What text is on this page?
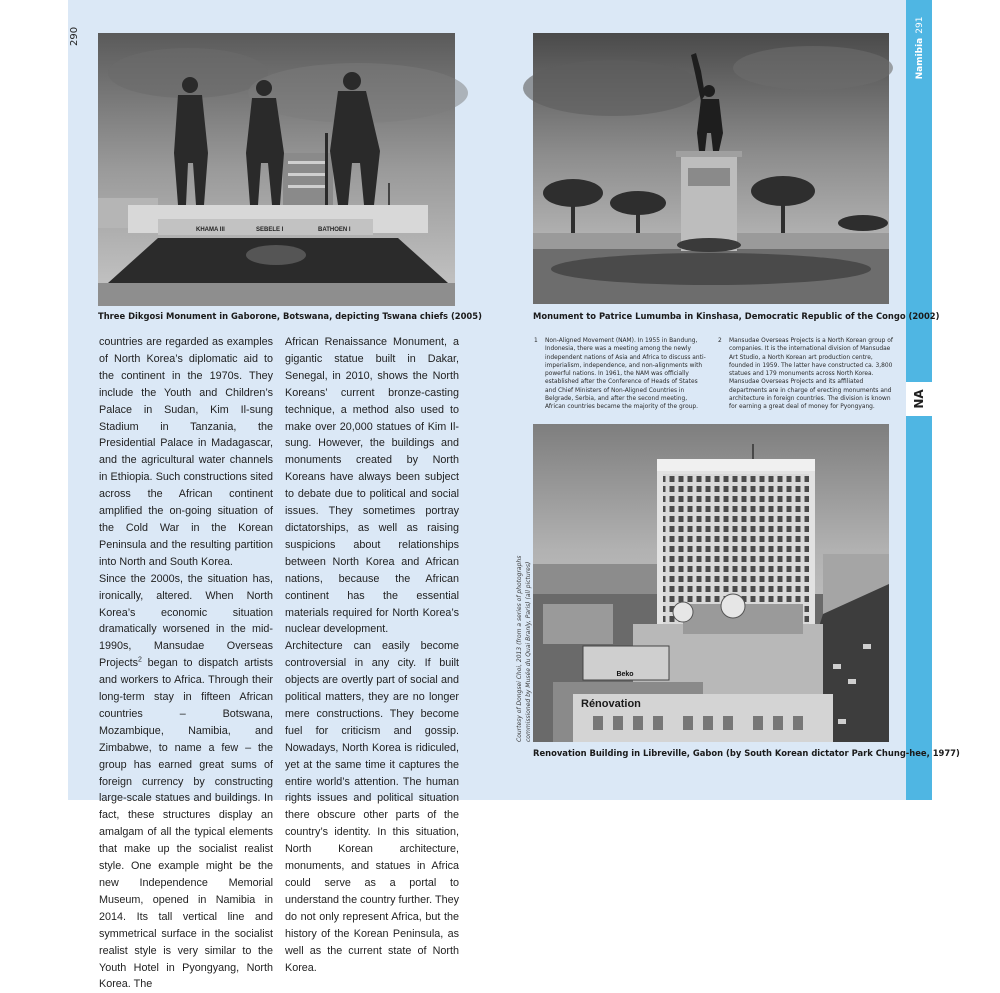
NA
290
Namibia291
KHAMA III	SEBELE I	BATHOEN I
Three Dikgosi Monument in Gaborone, Botswana, depicting Tswana chiefs (2005)	Monument to Patrice Lumumba in Kinshasa, Democratic Republic of the Congo (2002)
1 Non-Aligned Movement (NAM). In 1955 in Bandung, Indonesia, there was a meeting among the newly independent nations of Asia and Africa to discuss anti-imperialism, independence, and non-alignments with powerful nations. In 1961, the NAM was officially established after the Conference of Heads of States and Chief Ministers of Non-Aligned Countries in Belgrade, Serbia, and after the second meeting, African countries became the majority of the group.
2 Mansudae Overseas Projects is a North Korean group of companies. It is the international division of Mansudae Art Studio, a North Korean art production centre, founded in 1959. The latter have constructed ca. 3,800 statues and 179 monuments across North Korea. Mansudae Overseas Projects and its affiliated departments are in charge of erecting monuments and architecture in foreign countries. The division is known for earning a great deal of money for Pyongyang.
Beko
Rénovation
Renovation Building in Libreville, Gabon (by South Korean dictator Park Chung-hee, 1977)
Courtesy of Dongsei Choi, 2013 (from a series of photographs commissioned by Musée du Quai Branly, Paris) (all pictures)
countries are regarded as examples of North Korea’s diplomatic aid to the continent in the 1970s. They include the Youth and Children’s Palace in Sudan, Kim Il-sung Stadium in Tanzania, the Presidential Palace in Madagascar, and the agricultural water channels in Ethiopia. Such constructions sited across the African continent amplified the on-going situation of the Cold War in the Korean Peninsula and the resulting partition into North and South Korea.
Since the 2000s, the situation has, ironically, altered. When North Korea’s economic situation dramatically worsened in the mid-1990s, Mansudae Overseas Projects$^2$ began to dispatch artists and workers to Africa. Through their long-term stay in fifteen African countries – Botswana, Mozambique, Namibia, and Zimbabwe, to name a few – the group has earned great sums of foreign currency by constructing large-scale statues and buildings. In fact, these structures display an amalgam of all the typical elements that make up the socialist realist style. One example might be the new Independence Memorial Museum, opened in Namibia in 2014. Its tall vertical line and symmetrical surface in the socialist realist style is very similar to the Youth Hotel in Pyongyang, North Korea. The
African Renaissance Monument, a gigantic statue built in Dakar, Senegal, in 2010, shows the North Koreans’ current bronze-casting technique, a method also used to make over 20,000 statues of Kim Il-sung. However, the buildings and monuments created by North Koreans have always been subject to debate due to political and social issues. They sometimes portray dictatorships, as well as raising suspicions about relationships between North Korea and African nations, because the African continent has the essential materials required for North Korea’s nuclear development.
Architecture can easily become controversial in any city. If built objects are overtly part of social and political matters, they are no longer mere constructions. They become fuel for criticism and gossip. Nowadays, North Korea is ridiculed, yet at the same time it captures the entire world’s attention. The human rights issues and political situation there obscure other parts of the country’s identity. In this situation, North Korean architecture, monuments, and statues in Africa could serve as a portal to understand the country further. They do not only represent Africa, but the history of the Korean Peninsula, as well as the current state of North Korea.
